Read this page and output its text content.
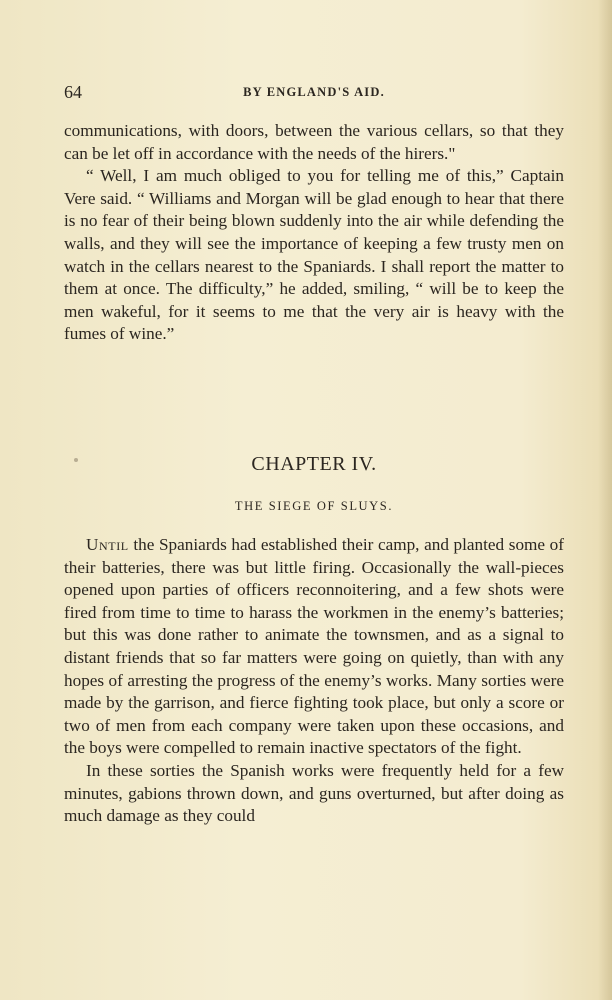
64	BY ENGLAND'S AID.

communications, with doors, between the various cellars, so that they can be let off in accordance with the needs of the hirers."

“ Well, I am much obliged to you for telling me of this,” Captain Vere said. “ Williams and Morgan will be glad enough to hear that there is no fear of their being blown suddenly into the air while defending the walls, and they will see the importance of keeping a few trusty men on watch in the cellars nearest to the Spaniards. I shall report the matter to them at once. The difficulty,” he added, smiling, “ will be to keep the men wakeful, for it seems to me that the very air is heavy with the fumes of wine.”

CHAPTER IV.
THE SIEGE OF SLUYS.

Until the Spaniards had established their camp, and planted some of their batteries, there was but little firing. Occasionally the wall-pieces opened upon parties of officers reconnoitering, and a few shots were fired from time to time to harass the workmen in the enemy’s batteries; but this was done rather to animate the townsmen, and as a signal to distant friends that so far matters were going on quietly, than with any hopes of arresting the progress of the enemy’s works. Many sorties were made by the garrison, and fierce fighting took place, but only a score or two of men from each company were taken upon these occasions, and the boys were compelled to remain inactive spectators of the fight.

In these sorties the Spanish works were frequently held for a few minutes, gabions thrown down, and guns overturned, but after doing as much damage as they could
